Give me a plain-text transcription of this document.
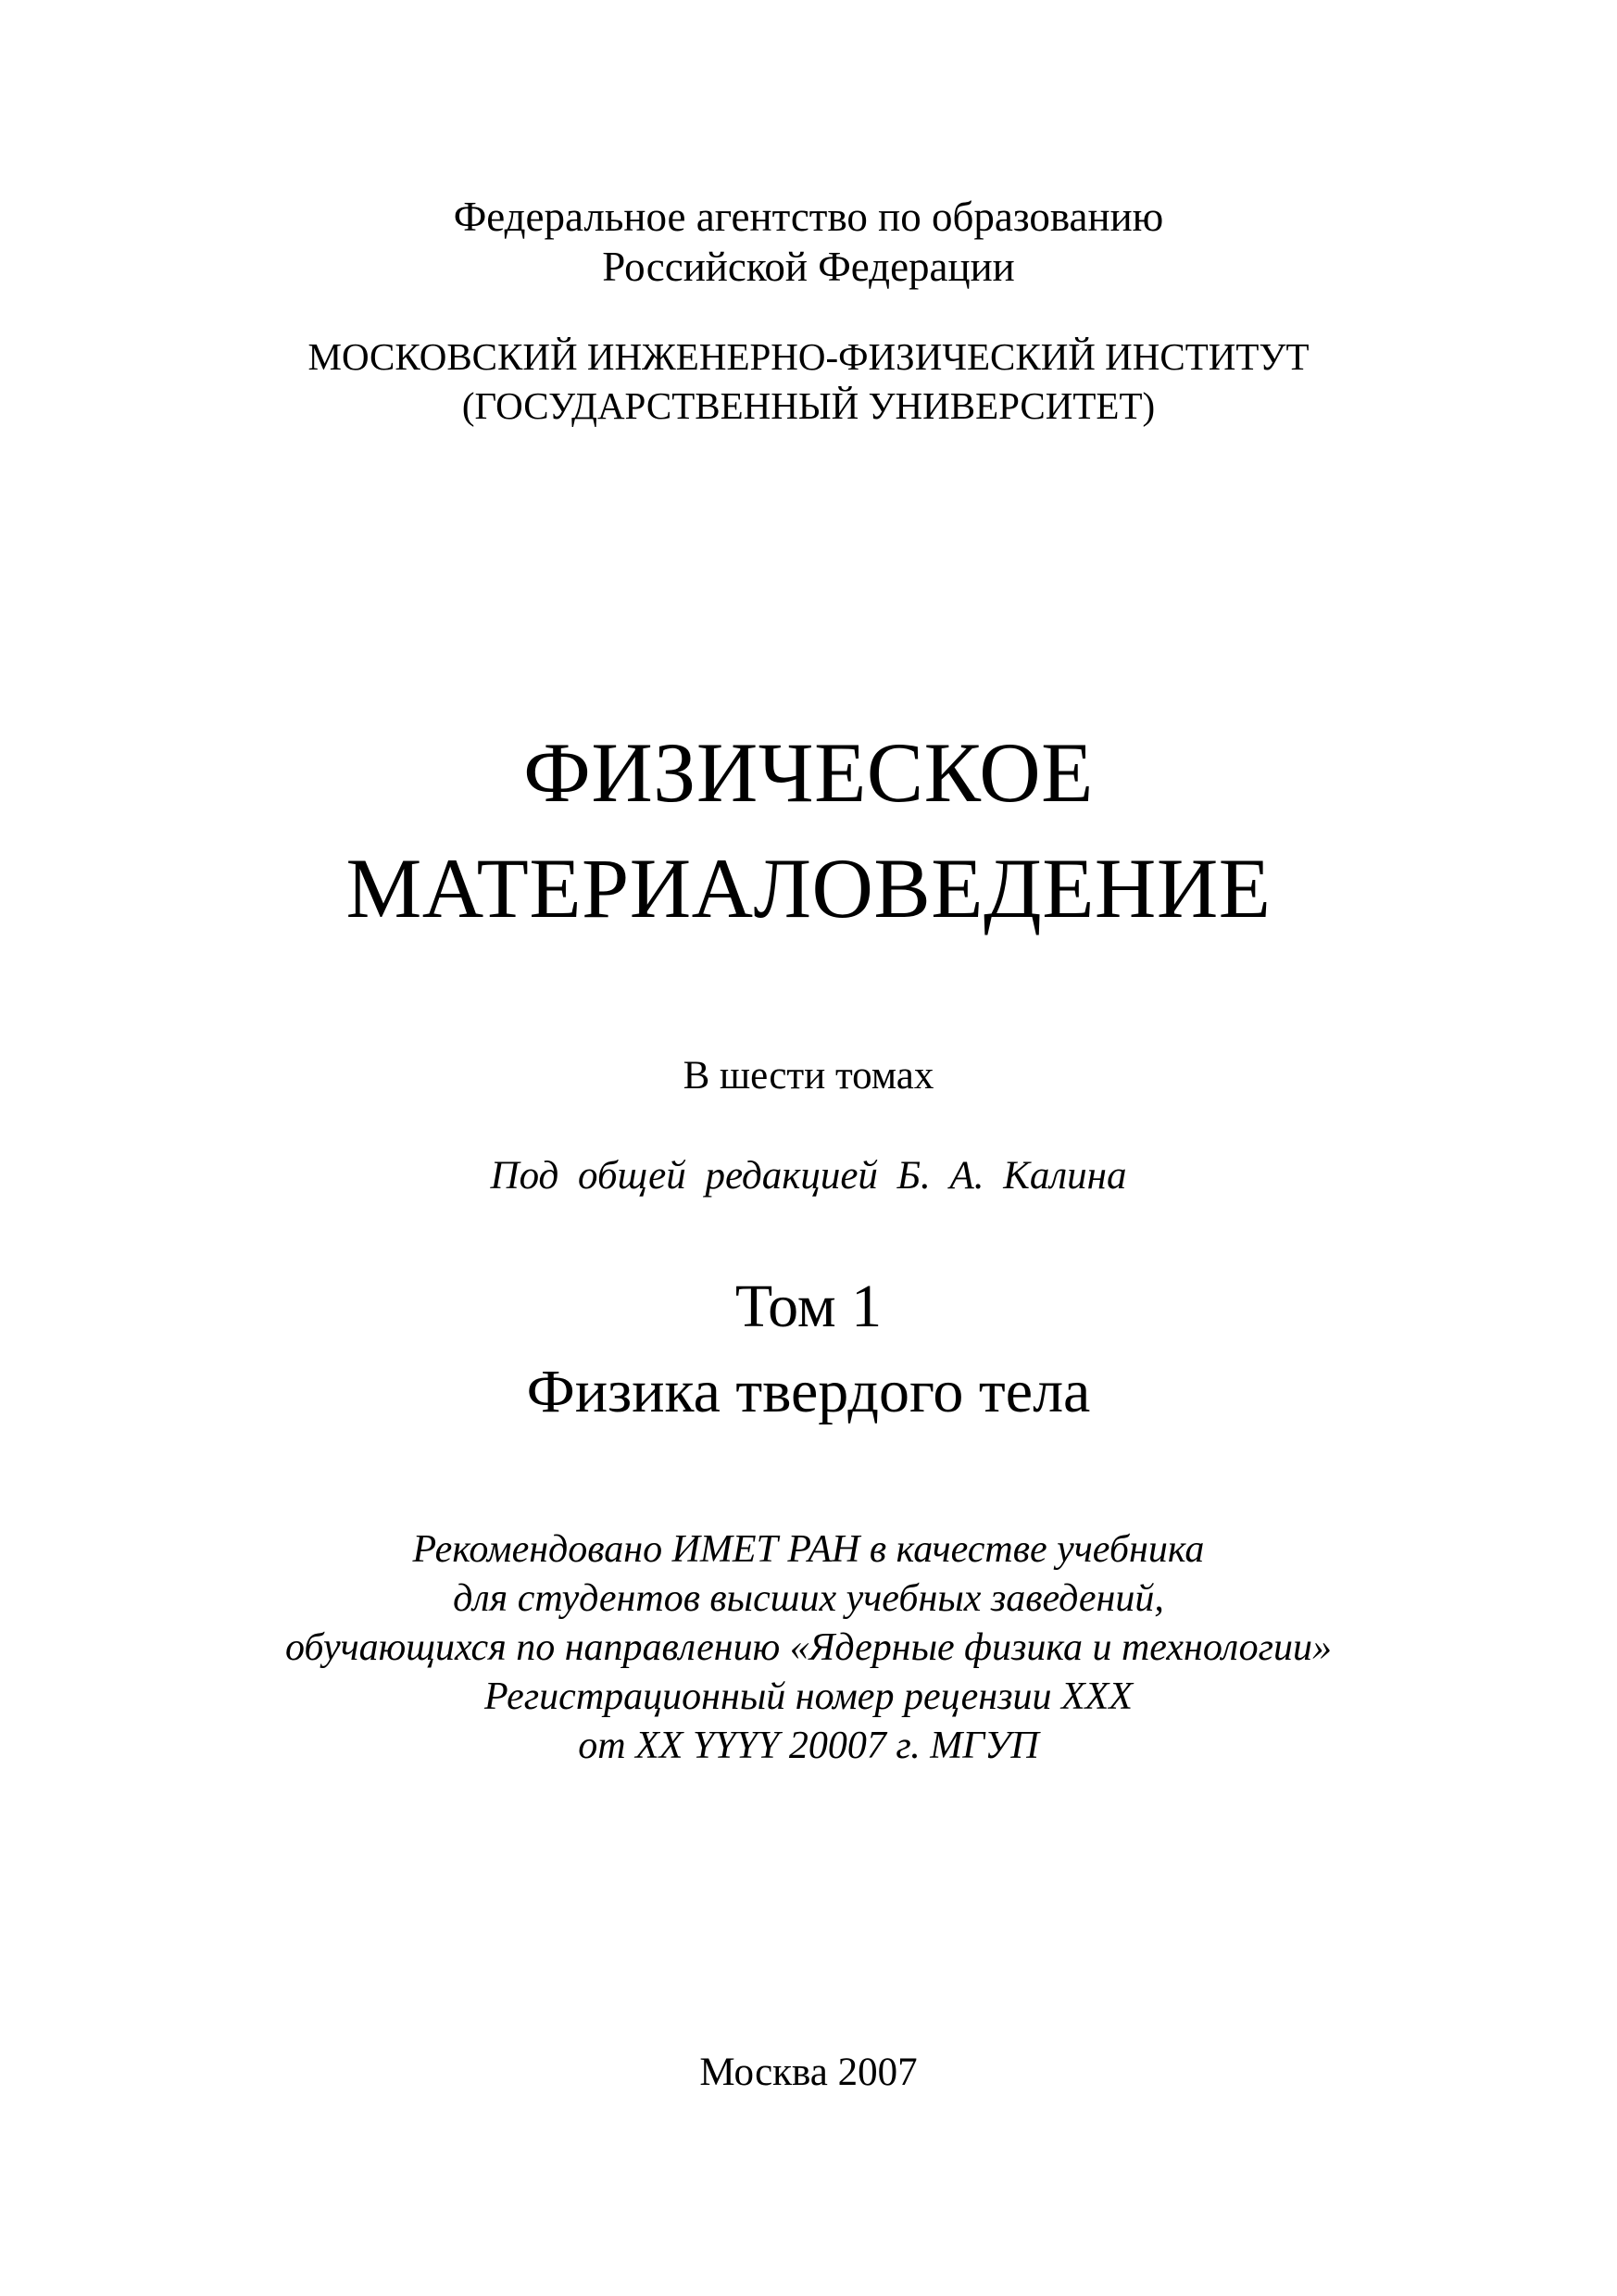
Федеральное агентство по образованию
Российской Федерации
МОСКОВСКИЙ ИНЖЕНЕРНО-ФИЗИЧЕСКИЙ ИНСТИТУТ
(ГОСУДАРСТВЕННЫЙ УНИВЕРСИТЕТ)
ФИЗИЧЕСКОЕ
МАТЕРИАЛОВЕДЕНИЕ
В шести томах
Под общей редакцией Б. А. Калина
Том 1
Физика твердого тела
Рекомендовано ИМЕТ РАН в качестве учебника
для студентов высших учебных заведений,
обучающихся по направлению «Ядерные физика и технологии»
Регистрационный номер рецензии XXX
от XX YYYY 20007 г. МГУП
Москва 2007
